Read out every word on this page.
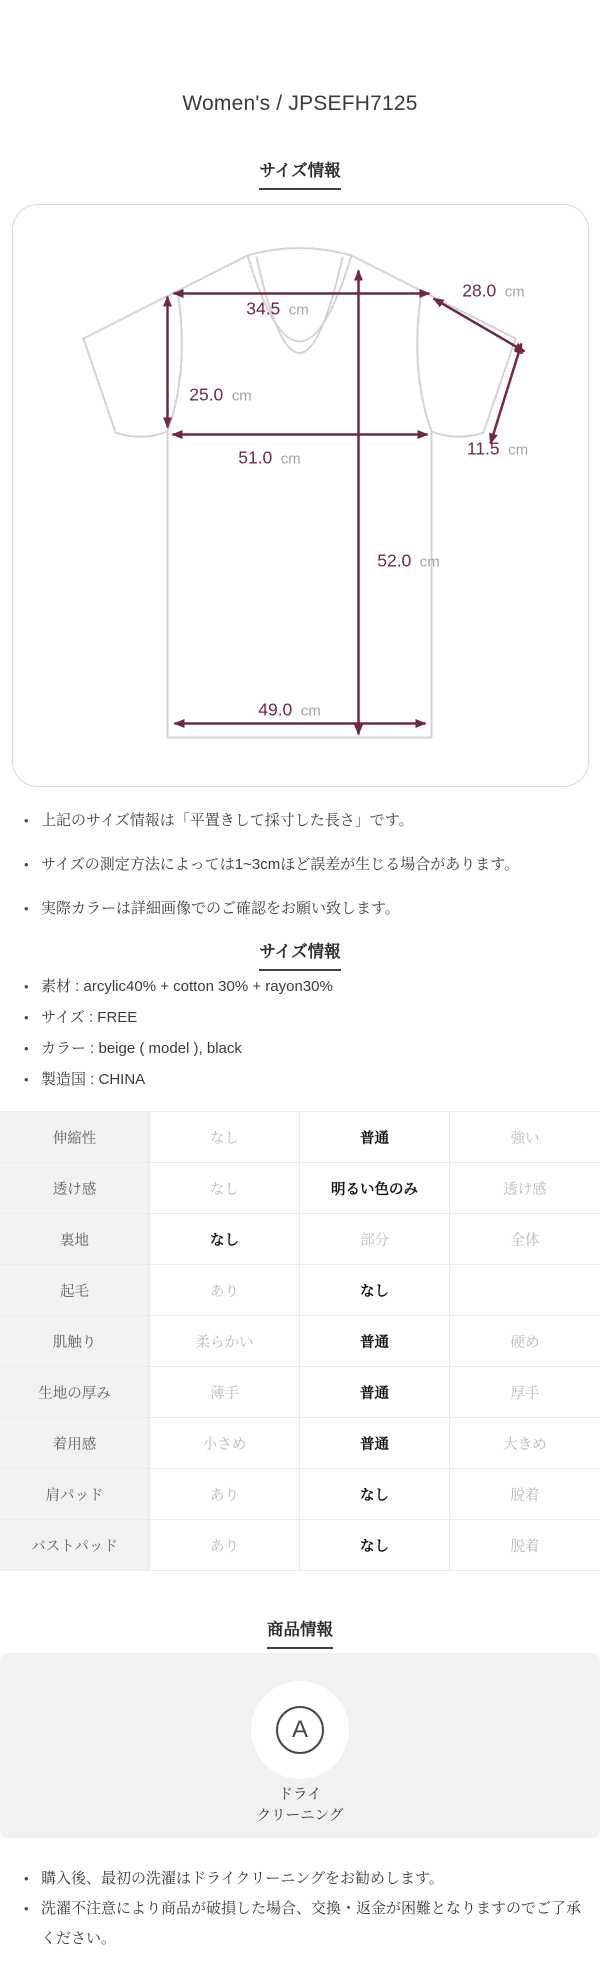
Women's / JPSEFH7125
サイズ情報
34.5 cm
28.0 cm
25.0 cm
51.0 cm
11.5 cm
52.0 cm
49.0 cm
• 上記のサイズ情報は「平置きして採寸した長さ」です。
• サイズの測定方法によっては1~3cmほど誤差が生じる場合があります。
• 実際カラーは詳細画像でのご確認をお願い致します。
サイズ情報
• 素材 : arcylic40% + cotton 30% + rayon30%
• サイズ : FREE
• カラー : beige ( model ), black
• 製造国 : CHINA
伸縮性	なし	普通	強い
透け感	なし	明るい色のみ	透け感
裏地	なし	部分	全体
起毛	あり	なし
肌触り	柔らかい	普通	硬め
生地の厚み	薄手	普通	厚手
着用感	小さめ	普通	大きめ
肩パッド	あり	なし	脱着
バストパッド	あり	なし	脱着
商品情報
A
ドライ
クリーニング
• 購入後、最初の洗濯はドライクリーニングをお勧めします。
• 洗濯不注意により商品が破損した場合、交換・返金が困難となりますのでご了承ください。
